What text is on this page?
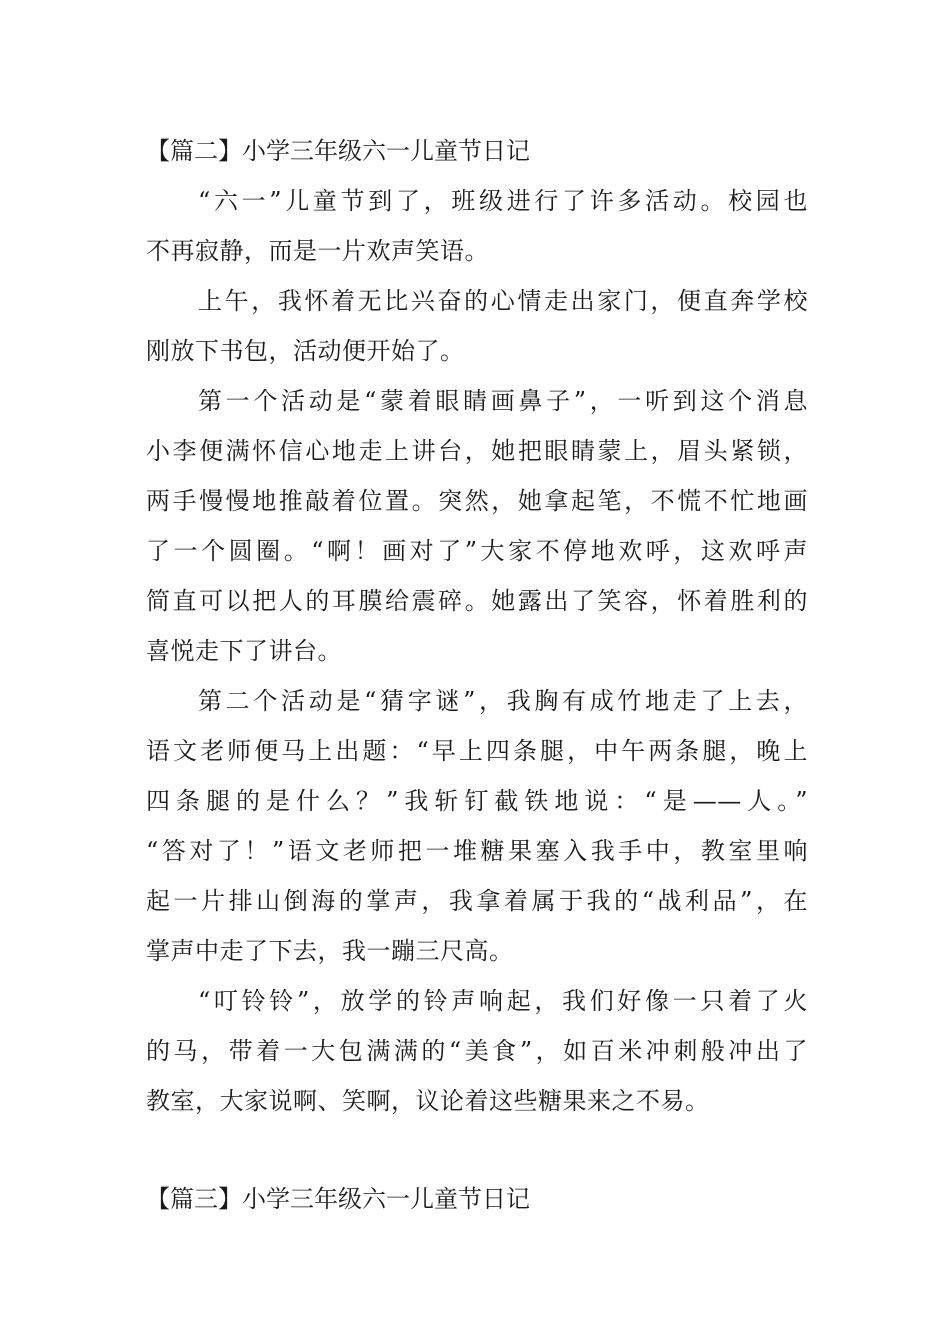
【篇二】小学三年级六一儿童节日记

“六一”儿童节到了，班级进行了许多活动。校园也
不再寂静，而是一片欢声笑语。

上午，我怀着无比兴奋的心情走出家门，便直奔学校
刚放下书包，活动便开始了。

第一个活动是“蒙着眼睛画鼻子”，一听到这个消息
小李便满怀信心地走上讲台，她把眼睛蒙上，眉头紧锁，
两手慢慢地推敲着位置。突然，她拿起笔，不慌不忙地画
了一个圆圈。“啊！画对了”大家不停地欢呼，这欢呼声
简直可以把人的耳膜给震碎。她露出了笑容，怀着胜利的
喜悦走下了讲台。

第二个活动是“猜字谜”，我胸有成竹地走了上去，
语文老师便马上出题：“早上四条腿，中午两条腿，晚上
四条腿的是什么？”我斩钉截铁地说：“是——人。”
“答对了！”语文老师把一堆糖果塞入我手中，教室里响
起一片排山倒海的掌声，我拿着属于我的“战利品”，在
掌声中走了下去，我一蹦三尺高。

“叮铃铃”，放学的铃声响起，我们好像一只着了火
的马，带着一大包满满的“美食”，如百米冲刺般冲出了
教室，大家说啊、笑啊，议论着这些糖果来之不易。

【篇三】小学三年级六一儿童节日记
